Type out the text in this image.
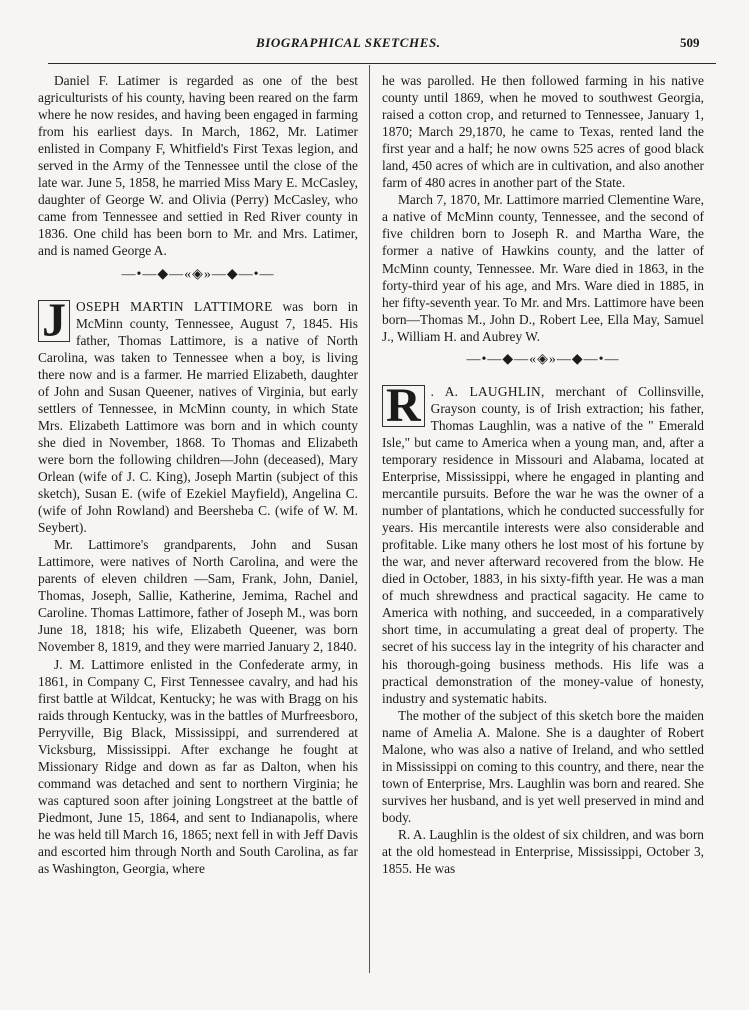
BIOGRAPHICAL SKETCHES.	509

Daniel F. Latimer is regarded as one of the best agriculturists of his county, having been reared on the farm where he now resides, and having been engaged in farming from his earliest days. In March, 1862, Mr. Latimer enlisted in Company F, Whitfield's First Texas legion, and served in the Army of the Tennessee until the close of the late war. June 5, 1858, he married Miss Mary E. McCasley, daughter of George W. and Olivia (Perry) McCasley, who came from Tennessee and settied in Red River county in 1836. One child has been born to Mr. and Mrs. Latimer, and is named George A.

—•—◆—«◈»—◆—•—

J OSEPH MARTIN LATTIMORE was born in McMinn county, Tennessee, August 7, 1845. His father, Thomas Lattimore, is a native of North Carolina, was taken to Tennessee when a boy, is living there now and is a farmer. He married Elizabeth, daughter of John and Susan Queener, natives of Virginia, but early settlers of Tennessee, in McMinn county, in which State Mrs. Elizabeth Lattimore was born and in which county she died in November, 1868. To Thomas and Elizabeth were born the following children—John (deceased), Mary Orlean (wife of J. C. King), Joseph Martin (subject of this sketch), Susan E. (wife of Ezekiel Mayfield), Angelina C. (wife of John Rowland) and Beersheba C. (wife of W. M. Seybert).

Mr. Lattimore's grandparents, John and Susan Lattimore, were natives of North Carolina, and were the parents of eleven children —Sam, Frank, John, Daniel, Thomas, Joseph, Sallie, Katherine, Jemima, Rachel and Caroline. Thomas Lattimore, father of Joseph M., was born June 18, 1818; his wife, Elizabeth Queener, was born November 8, 1819, and they were married January 2, 1840.

J. M. Lattimore enlisted in the Confederate army, in 1861, in Company C, First Tennessee cavalry, and had his first battle at Wildcat, Kentucky; he was with Bragg on his raids through Kentucky, was in the battles of Murfreesboro, Perryville, Big Black, Mississippi, and surrendered at Vicksburg, Mississippi. After exchange he fought at Missionary Ridge and down as far as Dalton, when his command was detached and sent to northern Virginia; he was captured soon after joining Longstreet at the battle of Piedmont, June 15, 1864, and sent to Indianapolis, where he was held till March 16, 1865; next fell in with Jeff Davis and escorted him through North and South Carolina, as far as Washington, Georgia, where

he was parolled. He then followed farming in his native county until 1869, when he moved to southwest Georgia, raised a cotton crop, and returned to Tennessee, January 1, 1870; March 29,1870, he came to Texas, rented land the first year and a half; he now owns 525 acres of good black land, 450 acres of which are in cultivation, and also another farm of 480 acres in another part of the State.

March 7, 1870, Mr. Lattimore married Clementine Ware, a native of McMinn county, Tennessee, and the second of five children born to Joseph R. and Martha Ware, the former a native of Hawkins county, and the latter of McMinn county, Tennessee. Mr. Ware died in 1863, in the forty-third year of his age, and Mrs. Ware died in 1885, in her fifty-seventh year. To Mr. and Mrs. Lattimore have been born—Thomas M., John D., Robert Lee, Ella May, Samuel J., William H. and Aubrey W.

—•—◆—«◈»—◆—•—

R . A. LAUGHLIN, merchant of Collinsville, Grayson county, is of Irish extraction; his father, Thomas Laughlin, was a native of the " Emerald Isle," but came to America when a young man, and, after a temporary residence in Missouri and Alabama, located at Enterprise, Mississippi, where he engaged in planting and mercantile pursuits. Before the war he was the owner of a number of plantations, which he conducted successfully for years. His mercantile interests were also considerable and profitable. Like many others he lost most of his fortune by the war, and never afterward recovered from the blow. He died in October, 1883, in his sixty-fifth year. He was a man of much shrewdness and practical sagacity. He came to America with nothing, and succeeded, in a comparatively short time, in accumulating a great deal of property. The secret of his success lay in the integrity of his character and his thorough-going business methods. His life was a practical demonstration of the money-value of honesty, industry and systematic habits.

The mother of the subject of this sketch bore the maiden name of Amelia A. Malone. She is a daughter of Robert Malone, who was also a native of Ireland, and who settled in Mississippi on coming to this country, and there, near the town of Enterprise, Mrs. Laughlin was born and reared. She survives her husband, and is yet well preserved in mind and body.

R. A. Laughlin is the oldest of six children, and was born at the old homestead in Enterprise, Mississippi, October 3, 1855. He was
